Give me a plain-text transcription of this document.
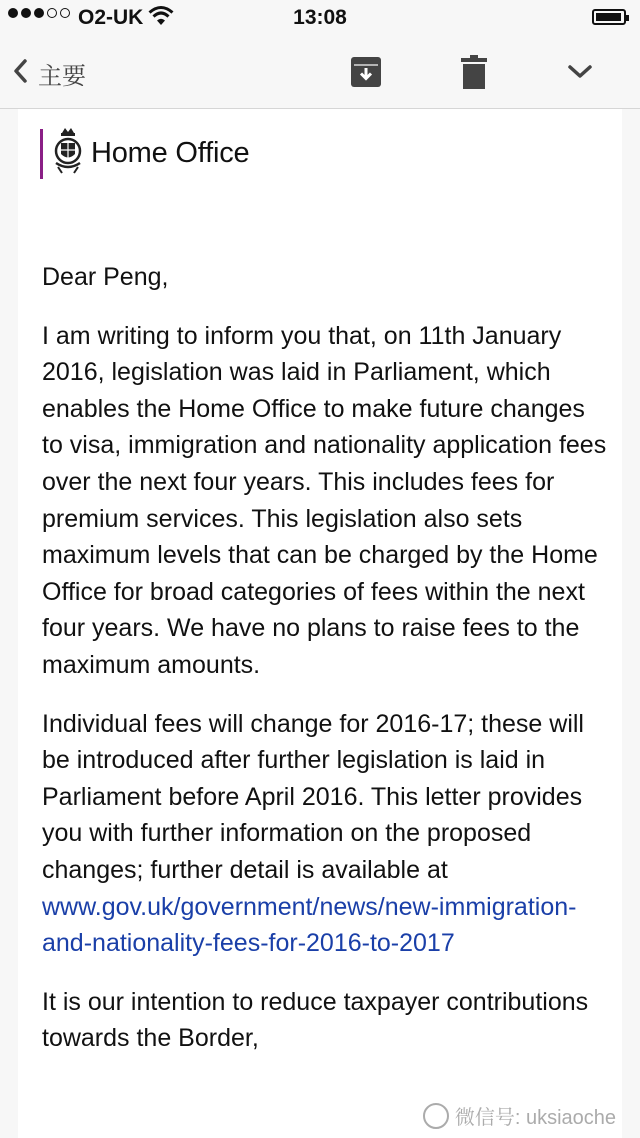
O2-UK	13:08
主要
Home Office

Dear Peng,

I am writing to inform you that, on 11th January 2016, legislation was laid in Parliament, which enables the Home Office to make future changes to visa, immigration and nationality application fees over the next four years. This includes fees for premium services. This legislation also sets maximum levels that can be charged by the Home Office for broad categories of fees within the next four years. We have no plans to raise fees to the maximum amounts.

Individual fees will change for 2016-17; these will be introduced after further legislation is laid in Parliament before April 2016. This letter provides you with further information on the proposed changes; further detail is available at www.gov.uk/government/news/new-immigration-and-nationality-fees-for-2016-to-2017

It is our intention to reduce taxpayer contributions towards the Border,

微信号: uksiaoche
